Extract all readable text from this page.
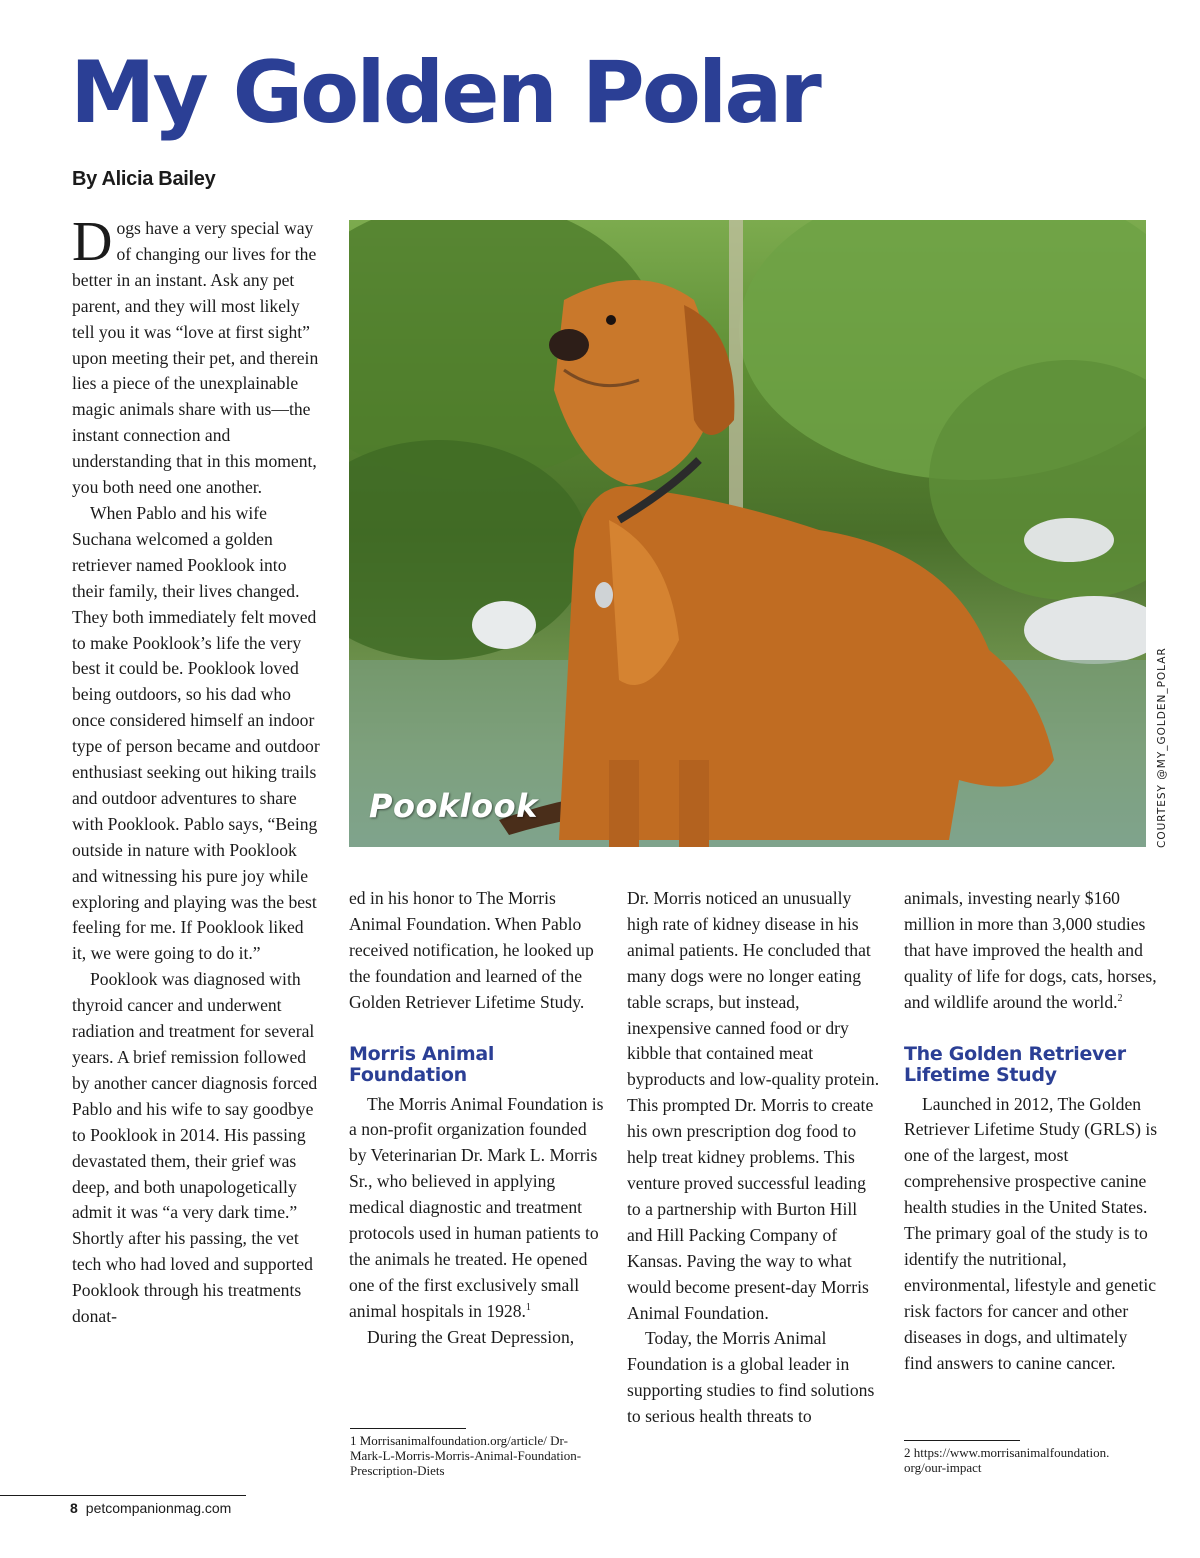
My Golden Polar

By Alicia Bailey

Dogs have a very special way of changing our lives for the better in an instant. Ask any pet parent, and they will most likely tell you it was “love at first sight” upon meeting their pet, and therein lies a piece of the unexplainable magic animals share with us—the instant connection and understanding that in this moment, you both need one another.

When Pablo and his wife Suchana welcomed a golden retriever named Pooklook into their family, their lives changed. They both immediately felt moved to make Pooklook’s life the very best it could be. Pooklook loved being outdoors, so his dad who once considered himself an indoor type of person became and outdoor enthusiast seeking out hiking trails and outdoor adventures to share with Pooklook. Pablo says, “Being outside in nature with Pooklook and witnessing his pure joy while exploring and playing was the best feeling for me. If Pooklook liked it, we were going to do it.”

Pooklook was diagnosed with thyroid cancer and underwent radiation and treatment for several years. A brief remission followed by another cancer diagnosis forced Pablo and his wife to say goodbye to Pooklook in 2014. His passing devastated them, their grief was deep, and both unapologetically admit it was “a very dark time.” Shortly after his passing, the vet tech who had loved and supported Pooklook through his treatments donat-

Pooklook	COURTESY @MY_GOLDEN_POLAR

ed in his honor to The Morris Animal Foundation. When Pablo received notification, he looked up the foundation and learned of the Golden Retriever Lifetime Study.

Morris Animal Foundation

The Morris Animal Foundation is a non-profit organization founded by Veterinarian Dr. Mark L. Morris Sr., who believed in applying medical diagnostic and treatment protocols used in human patients to the animals he treated. He opened one of the first exclusively small animal hospitals in 1928.$^1$

During the Great Depression,

Dr. Morris noticed an unusually high rate of kidney disease in his animal patients. He concluded that many dogs were no longer eating table scraps, but instead, inexpensive canned food or dry kibble that contained meat byproducts and low-quality protein. This prompted Dr. Morris to create his own prescription dog food to help treat kidney problems. This venture proved successful leading to a partnership with Burton Hill and Hill Packing Company of Kansas. Paving the way to what would become present-day Morris Animal Foundation.

Today, the Morris Animal Foundation is a global leader in supporting studies to find solutions to serious health threats to

animals, investing nearly $160 million in more than 3,000 studies that have improved the health and quality of life for dogs, cats, horses, and wildlife around the world.$^2$

The Golden Retriever Lifetime Study

Launched in 2012, The Golden Retriever Lifetime Study (GRLS) is one of the largest, most comprehensive prospective canine health studies in the United States. The primary goal of the study is to identify the nutritional, environmental, lifestyle and genetic risk factors for cancer and other diseases in dogs, and ultimately find answers to canine cancer.

1 Morrisanimalfoundation.org/article/ Dr-Mark-L-Morris-Morris-Animal-Foundation-Prescription-Diets
2 https://www.morrisanimalfoundation. org/our-impact
8 petcompanionmag.com
